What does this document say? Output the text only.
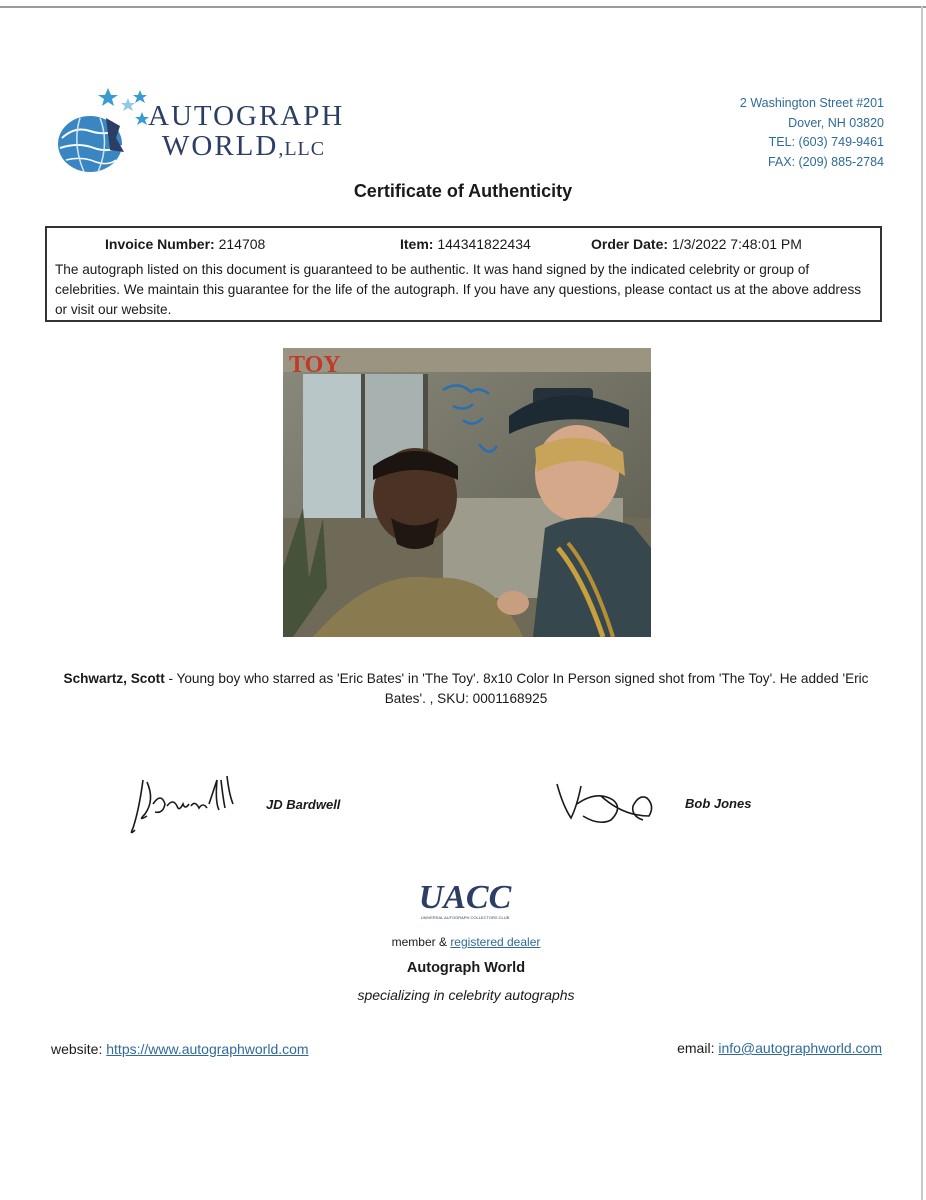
AUTOGRAPH
WORLD,LLC
2 Washington Street #201
Dover, NH 03820
TEL: (603) 749-9461
FAX: (209) 885-2784
Certificate of Authenticity
Invoice Number: 214708	Item: 144341822434	Order Date: 1/3/2022 7:48:01 PM
The autograph listed on this document is guaranteed to be authentic. It was hand signed by the indicated celebrity or group of celebrities. We maintain this guarantee for the life of the autograph. If you have any questions, please contact us at the above address or visit our website.
TOY
Schwartz, Scott - Young boy who starred as 'Eric Bates' in 'The Toy'. 8x10 Color In Person signed shot from 'The Toy'. He added 'Eric Bates'. , SKU: 0001168925
JD Bardwell	Bob Jones
UACC
UNIVERSAL AUTOGRAPH COLLECTORS CLUB
member & registered dealer
Autograph World
specializing in celebrity autographs
website: https://www.autographworld.com	email: info@autographworld.com
